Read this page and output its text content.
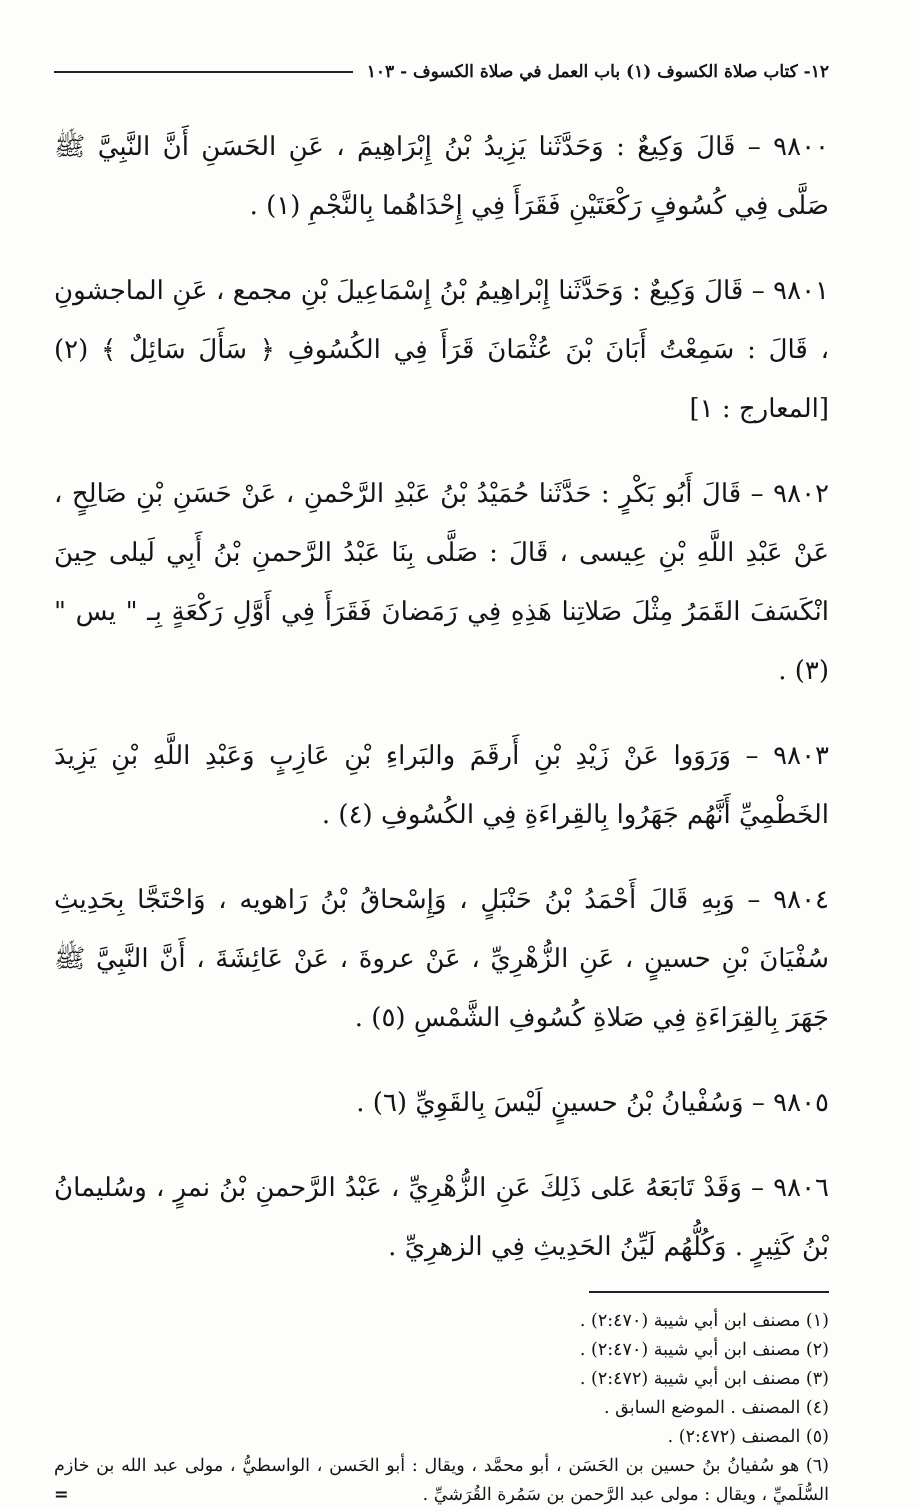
١٢- كتاب صلاة الكسوف (١) باب العمل في صلاة الكسوف - ١٠٣

٩٨٠٠ – قَالَ وَكِيعٌ : وَحَدَّثَنا يَزِيدُ بْنُ إِبْرَاهِيمَ ، عَنِ الحَسَنِ أَنَّ النَّبِيَّ ﷺ صَلَّى فِي كُسُوفٍ رَكْعَتَيْنِ فَقَرَأَ فِي إِحْدَاهُما بِالنَّجْمِ (١) .

٩٨٠١ – قَالَ وَكِيعٌ : وَحَدَّثَنا إِبْراهِيمُ بْنُ إِسْمَاعِيلَ بْنِ مجمع ، عَنِ الماجشونِ ، قَالَ : سَمِعْتُ أَبَانَ بْنَ عُثْمَانَ قَرَأَ فِي الكُسُوفِ ﴿ سَأَلَ سَائِلٌ ﴾ (٢) [المعارج : ١]

٩٨٠٢ – قَالَ أَبُو بَكْرٍ : حَدَّثَنا حُمَيْدُ بْنُ عَبْدِ الرَّحْمنِ ، عَنْ حَسَنِ بْنِ صَالِحٍ ، عَنْ عَبْدِ اللَّهِ بْنِ عِيسى ، قَالَ : صَلَّى بِنَا عَبْدُ الرَّحمنِ بْنُ أَبِي لَيلى حِينَ انْكَسَفَ القَمَرُ مِثْلَ صَلاتِنا هَذِهِ فِي رَمَضانَ فَقَرَأَ فِي أَوَّلِ رَكْعَةٍ بِـ " يس " (٣) .

٩٨٠٣ – وَرَوَوا عَنْ زَيْدِ بْنِ أَرقَمَ والبَراءِ بْنِ عَازِبٍ وَعَبْدِ اللَّهِ بْنِ يَزِيدَ الخَطْمِيِّ أَنَّهُم جَهَرُوا بِالقِراءَةِ فِي الكُسُوفِ (٤) .

٩٨٠٤ – وَبِهِ قَالَ أَحْمَدُ بْنُ حَنْبَلٍ ، وَإِسْحاقُ بْنُ رَاهويه ، وَاحْتَجَّا بِحَدِيثِ سُفْيَانَ بْنِ حسينٍ ، عَنِ الزُّهْرِيِّ ، عَنْ عروةَ ، عَنْ عَائِشَةَ ، أَنَّ النَّبِيَّ ﷺ جَهَرَ بِالقِرَاءَةِ فِي صَلاةِ كُسُوفِ الشَّمْسِ (٥) .

٩٨٠٥ – وَسُفْيانُ بْنُ حسينٍ لَيْسَ بِالقَوِيِّ (٦) .

٩٨٠٦ – وَقَدْ تَابَعَهُ عَلى ذَلِكَ عَنِ الزُّهْرِيِّ ، عَبْدُ الرَّحمنِ بْنُ نمرٍ ، وسُليمانُ بْنُ كَثِيرٍ . وَكُلُّهُم لَيِّنُ الحَدِيثِ فِي الزهرِيِّ .

(١) مصنف ابن أبي شيبة (٢:٤٧٠) .
(٢) مصنف ابن أبي شيبة (٢:٤٧٠) .
(٣) مصنف ابن أبي شيبة (٢:٤٧٢) .
(٤) المصنف . الموضع السابق .
(٥) المصنف (٢:٤٧٢) .
(٦) هو سُفيانُ بنُ حسين بن الحَسَن ، أبو محمَّد ، ويقال : أبو الحَسن ، الواسطيُّ ، مولى عبد الله بن خازم السُّلَميِّ ، ويقال : مولى عبد الرَّحمن بن سَمُرة القُرَشيِّ .
=
